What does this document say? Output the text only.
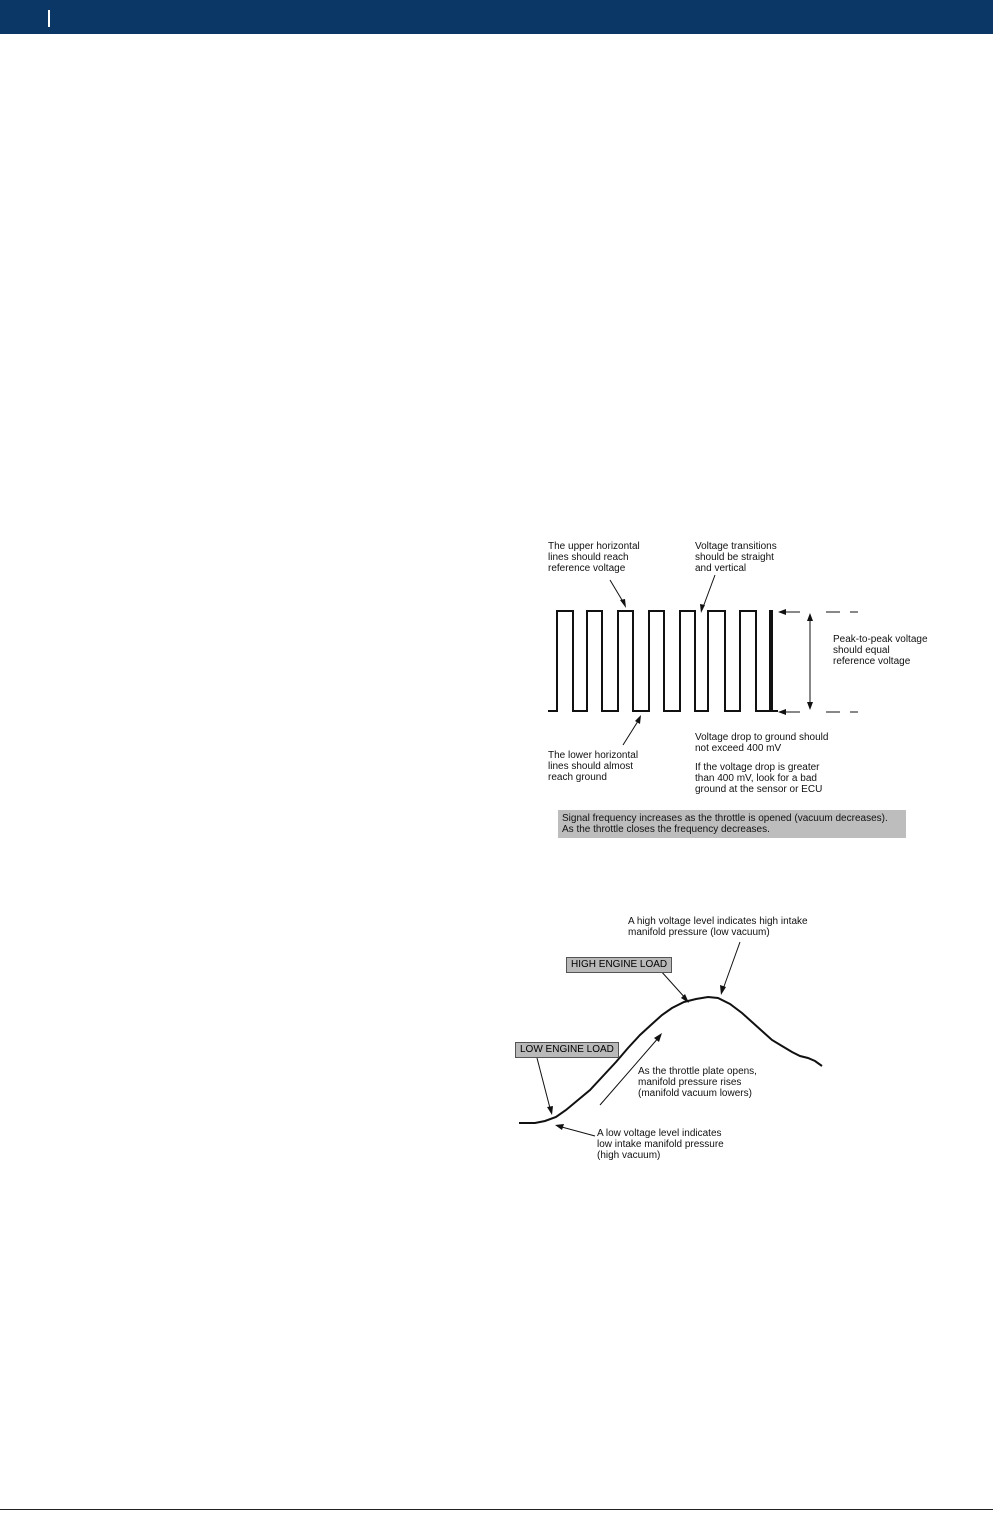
The upper horizontal
lines should reach
reference voltage
Voltage transitions
should be straight
and vertical
Peak-to-peak voltage
should equal
reference voltage
The lower horizontal
lines should almost
reach ground
Voltage drop to ground should
not exceed 400 mV
If the voltage drop is greater
than 400 mV, look for a bad
ground at the sensor or ECU
Signal frequency increases as the throttle is opened (vacuum decreases).
As the throttle closes the frequency decreases.
A high voltage level indicates high intake
manifold pressure (low vacuum)
HIGH ENGINE LOAD
LOW ENGINE LOAD
As the throttle plate opens,
manifold pressure rises
(manifold vacuum lowers)
A low voltage level indicates
low intake manifold pressure
(high vacuum)
